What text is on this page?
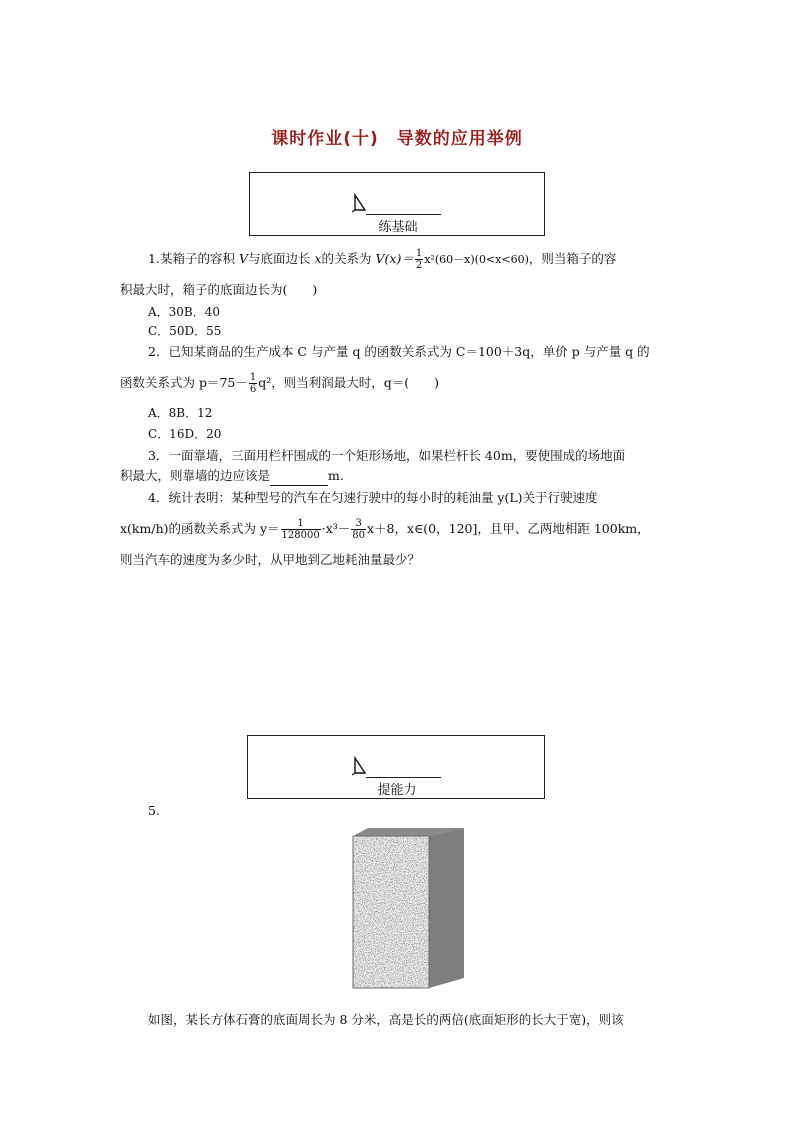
课时作业(十)　导数的应用举例
练基础
1.某箱子的容积 V与底面边长 x的关系为 $V(x)= \frac{1}{2} x^2(60-x)(0<x<60)$，则当箱子的容
积最大时，箱子的底面边长为(　　)
A．30B．40
C．50D．55
2．已知某商品的生产成本 C 与产量 q 的函数关系式为 C＝100＋3q，单价 p 与产量 q 的
函数关系式为 $p=75- \frac{1}{6} q^2$，则当利润最大时，q＝(　　)
A．8B．12
C．16D．20
3．一面靠墙，三面用栏杆围成的一个矩形场地，如果栏杆长 40m，要使围成的场地面
积最大，则靠墙的边应该是	m.
4．统计表明：某种型号的汽车在匀速行驶中的每小时的耗油量 y(L)关于行驶速度
x(km/h)的函数关系式为 $y= \frac{1}{128000} \cdot x^3- \frac{3}{80} x+8$，x∈(0，120]，且甲、乙两地相距 100km，
则当汽车的速度为多少时，从甲地到乙地耗油量最少？
提能力
5.
如图，某长方体石膏的底面周长为 8 分米，高是长的两倍(底面矩形的长大于宽)，则该
